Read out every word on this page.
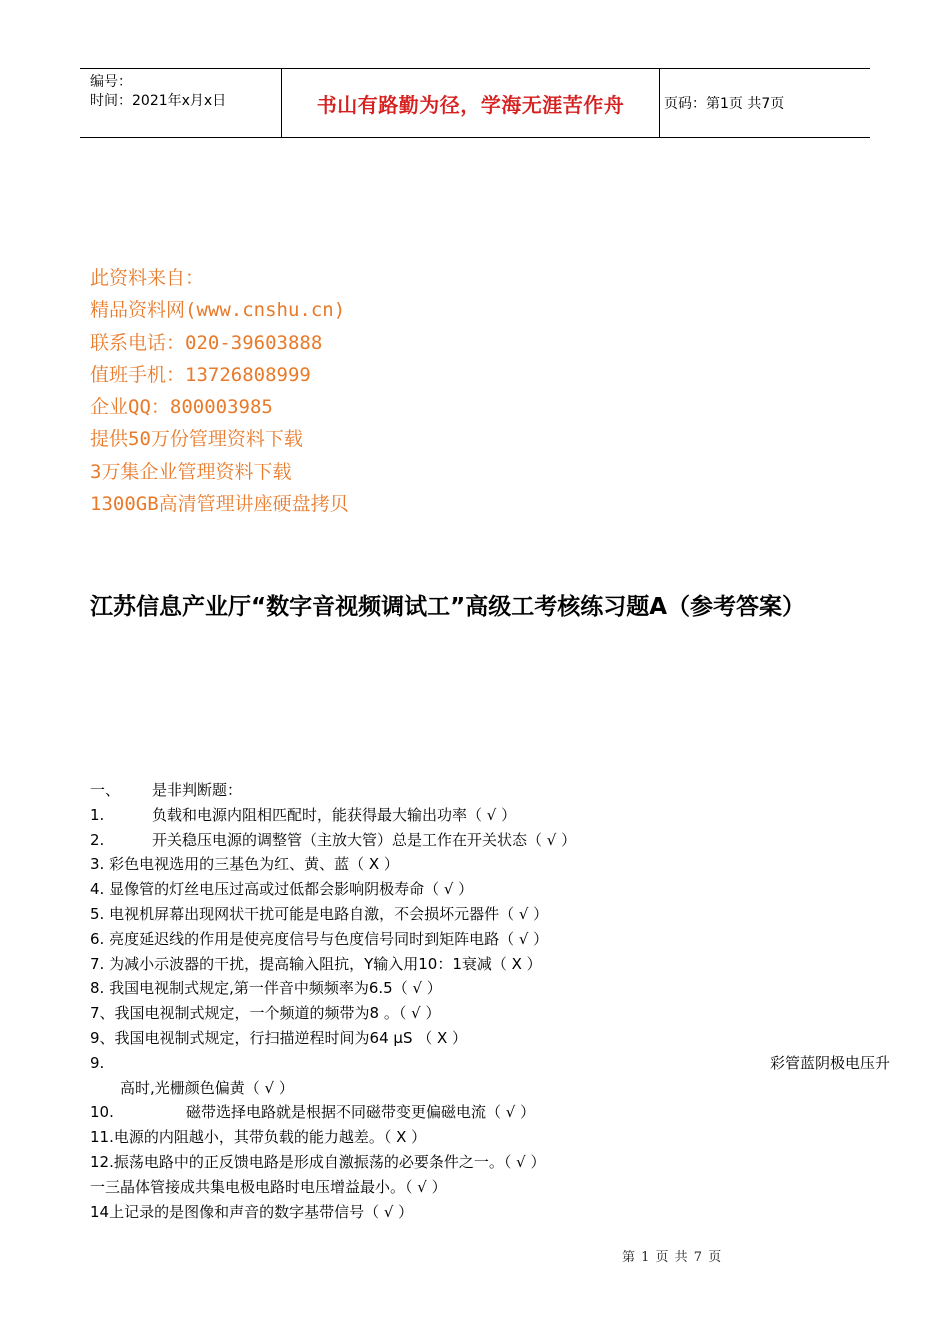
编号：
时间：2021年x月x日	书山有路勤为径，学海无涯苦作舟	页码：第1页 共7页
此资料来自：
精品资料网(www.cnshu.cn)
联系电话：020-39603888
值班手机：13726808999
企业QQ：800003985
提供50万份管理资料下载
3万集企业管理资料下载
1300GB高清管理讲座硬盘拷贝
江苏信息产业厅“数字音视频调试工”高级工考核练习题A（参考答案）
一、 是非判断题：
1.	负载和电源内阻相匹配时，能获得最大输出功率（ √ ）
2.	开关稳压电源的调整管（主放大管）总是工作在开关状态（ √ ）
3. 彩色电视选用的三基色为红、黄、蓝（ X ）
4. 显像管的灯丝电压过高或过低都会影响阴极寿命（ √ ）
5. 电视机屏幕出现网状干扰可能是电路自激，不会损坏元器件（ √ ）
6. 亮度延迟线的作用是使亮度信号与色度信号同时到矩阵电路（ √ ）
7. 为减小示波器的干扰，提高输入阻抗，Y输入用10：1衰减（ X ）
8. 我国电视制式规定,第一伴音中频频率为6.5（ √ ）
7、我国电视制式规定，一个频道的频带为8 。（ √ ）
9、我国电视制式规定，行扫描逆程时间为64 μS （ X ）
9.	彩管蓝阴极电压升
高时,光栅颜色偏黄（ √ ）
10.	磁带选择电路就是根据不同磁带变更偏磁电流（ √ ）
11.电源的内阻越小，其带负载的能力越差。（ X ）
12.振荡电路中的正反馈电路是形成自激振荡的必要条件之一。（ √ ）
一三晶体管接成共集电极电路时电压增益最小。（ √ ）
14上记录的是图像和声音的数字基带信号（ √ ）
第 1 页 共 7 页
